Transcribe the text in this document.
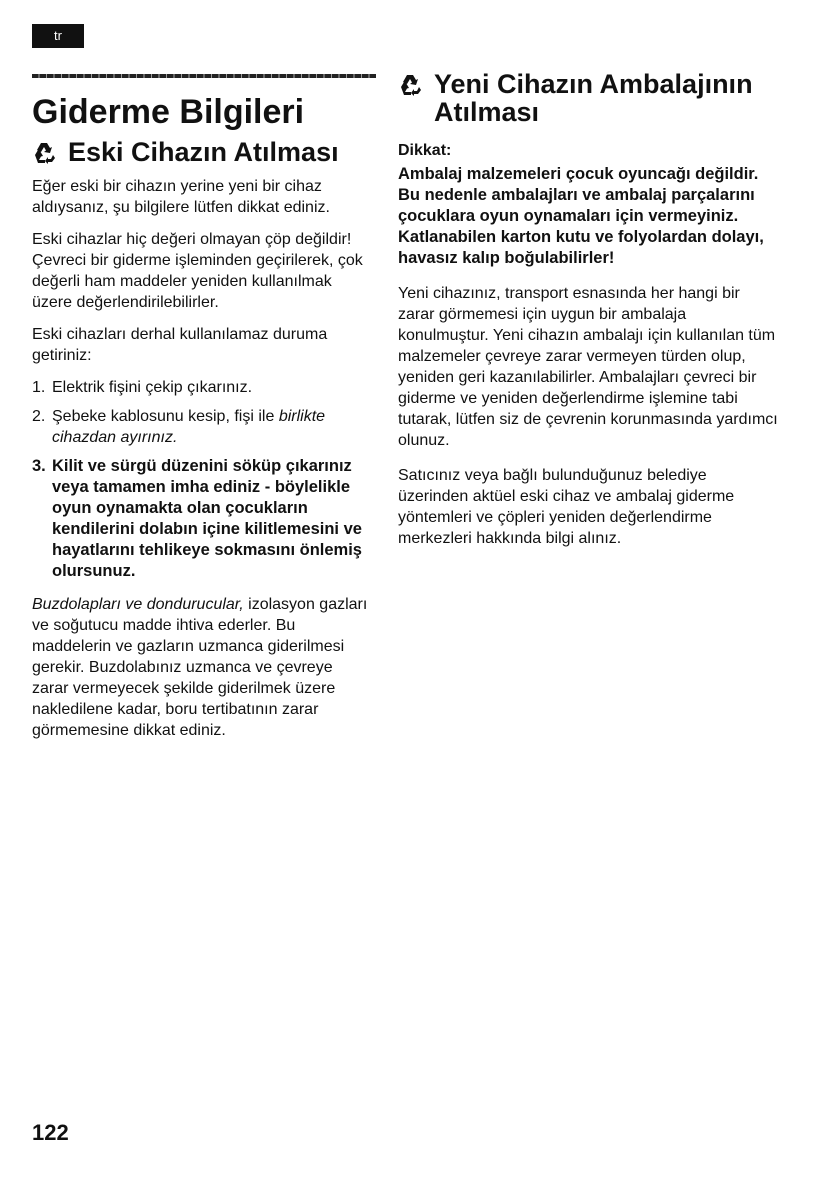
tr
Giderme Bilgileri
Eski Cihazın Atılması

Eğer eski bir cihazın yerine yeni bir cihaz aldıysanız, şu bilgilere lütfen dikkat ediniz.

Eski cihazlar hiç değeri olmayan çöp değildir! Çevreci bir giderme işleminden geçirilerek, çok değerli ham maddeler yeniden kullanılmak üzere değerlendirilebilirler.

Eski cihazları derhal kullanılamaz duruma getiriniz:

1. Elektrik fişini çekip çıkarınız.
2. Şebeke kablosunu kesip, fişi ile birlikte cihazdan ayırınız.
3. Kilit ve sürgü düzenini söküp çıkarınız veya tamamen imha ediniz - böylelikle oyun oynamakta olan çocukların kendilerini dolabın içine kilitlemesini ve hayatlarını tehlikeye sokmasını önlemiş olursunuz.

Buzdolapları ve dondurucular, izolasyon gazları ve soğutucu madde ihtiva ederler. Bu maddelerin ve gazların uzmanca giderilmesi gerekir. Buzdolabınız uzmanca ve çevreye zarar vermeyecek şekilde giderilmek üzere nakledilene kadar, boru tertibatının zarar görmemesine dikkat ediniz.

Yeni Cihazın Ambalajının Atılması
Dikkat:
Ambalaj malzemeleri çocuk oyuncağı değildir. Bu nedenle ambalajları ve ambalaj parçalarını çocuklara oyun oynamaları için vermeyiniz. Katlanabilen karton kutu ve folyolardan dolayı, havasız kalıp boğulabilirler!

Yeni cihazınız, transport esnasında her hangi bir zarar görmemesi için uygun bir ambalaja konulmuştur. Yeni cihazın ambalajı için kullanılan tüm malzemeler çevreye zarar vermeyen türden olup, yeniden geri kazanılabilirler. Ambalajları çevreci bir giderme ve yeniden değerlendirme işlemine tabi tutarak, lütfen siz de çevrenin korunmasında yardımcı olunuz.

Satıcınız veya bağlı bulunduğunuz belediye üzerinden aktüel eski cihaz ve ambalaj giderme yöntemleri ve çöpleri yeniden değerlendirme merkezleri hakkında bilgi alınız.

122
